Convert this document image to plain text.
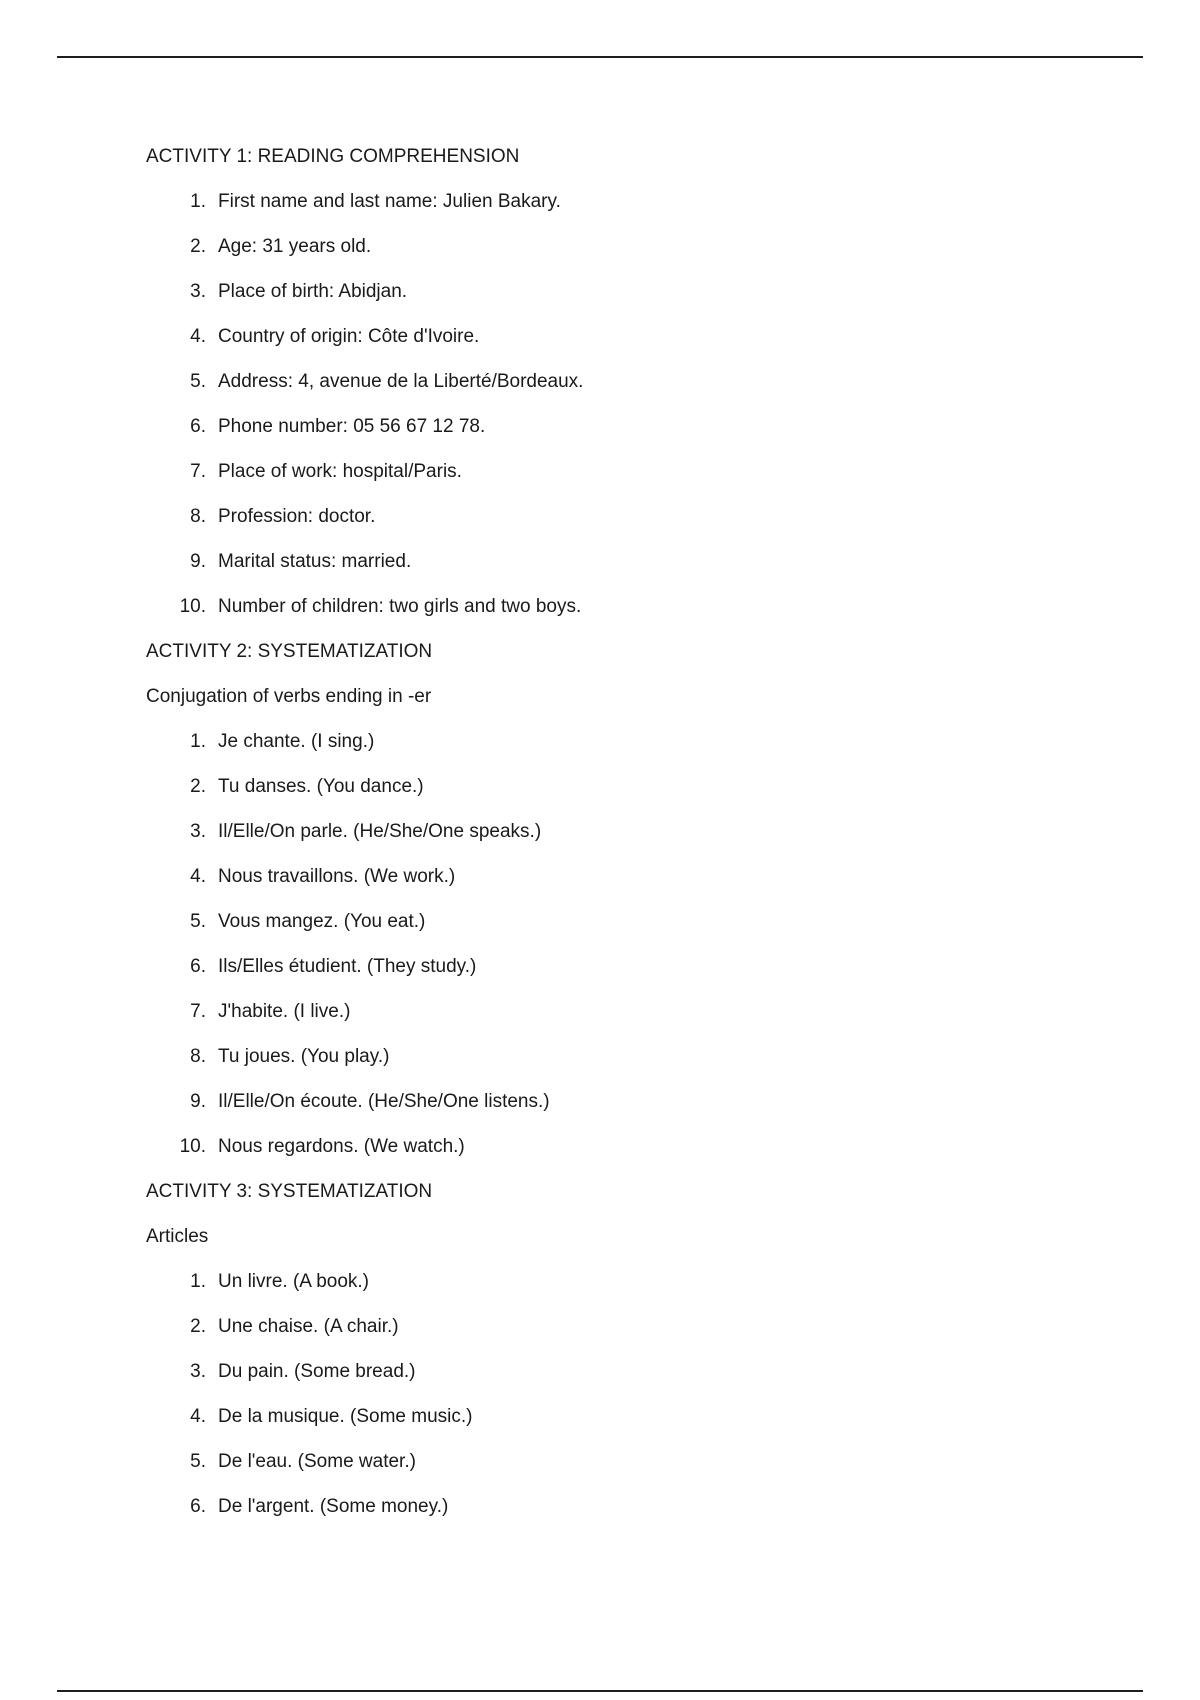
ACTIVITY 1: READING COMPREHENSION
1. First name and last name: Julien Bakary.
2. Age: 31 years old.
3. Place of birth: Abidjan.
4. Country of origin: Côte d'Ivoire.
5. Address: 4, avenue de la Liberté/Bordeaux.
6. Phone number: 05 56 67 12 78.
7. Place of work: hospital/Paris.
8. Profession: doctor.
9. Marital status: married.
10. Number of children: two girls and two boys.
ACTIVITY 2: SYSTEMATIZATION
Conjugation of verbs ending in -er
1. Je chante. (I sing.)
2. Tu danses. (You dance.)
3. Il/Elle/On parle. (He/She/One speaks.)
4. Nous travaillons. (We work.)
5. Vous mangez. (You eat.)
6. Ils/Elles étudient. (They study.)
7. J'habite. (I live.)
8. Tu joues. (You play.)
9. Il/Elle/On écoute. (He/She/One listens.)
10. Nous regardons. (We watch.)
ACTIVITY 3: SYSTEMATIZATION
Articles
1. Un livre. (A book.)
2. Une chaise. (A chair.)
3. Du pain. (Some bread.)
4. De la musique. (Some music.)
5. De l'eau. (Some water.)
6. De l'argent. (Some money.)
